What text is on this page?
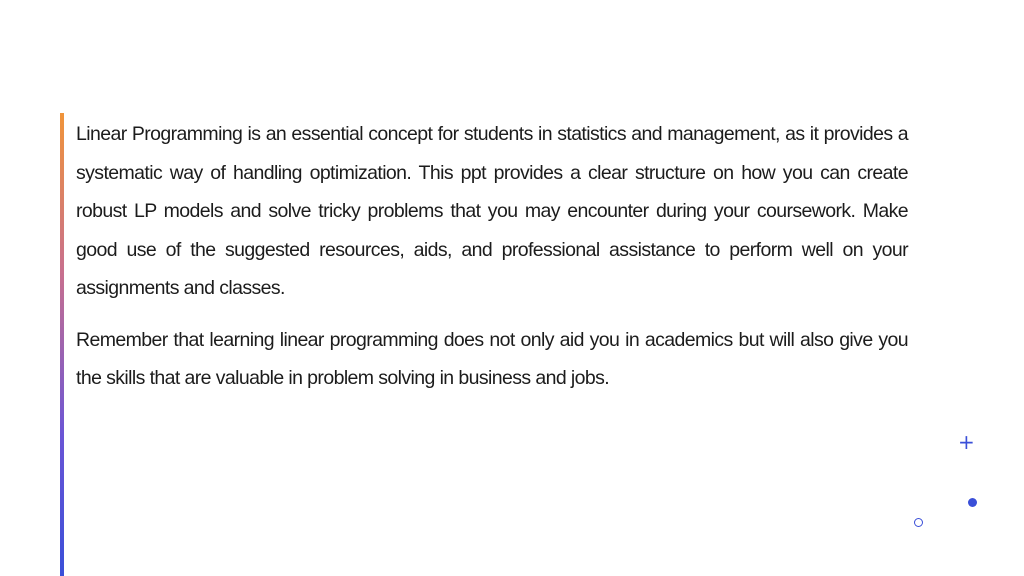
Linear Programming is an essential concept for students in statistics and management, as it provides a systematic way of handling optimization. This ppt provides a clear structure on how you can create robust LP models and solve tricky problems that you may encounter during your coursework. Make good use of the suggested resources, aids, and professional assistance to perform well on your assignments and classes.

Remember that learning linear programming does not only aid you in academics but will also give you the skills that are valuable in problem solving in business and jobs.

+
